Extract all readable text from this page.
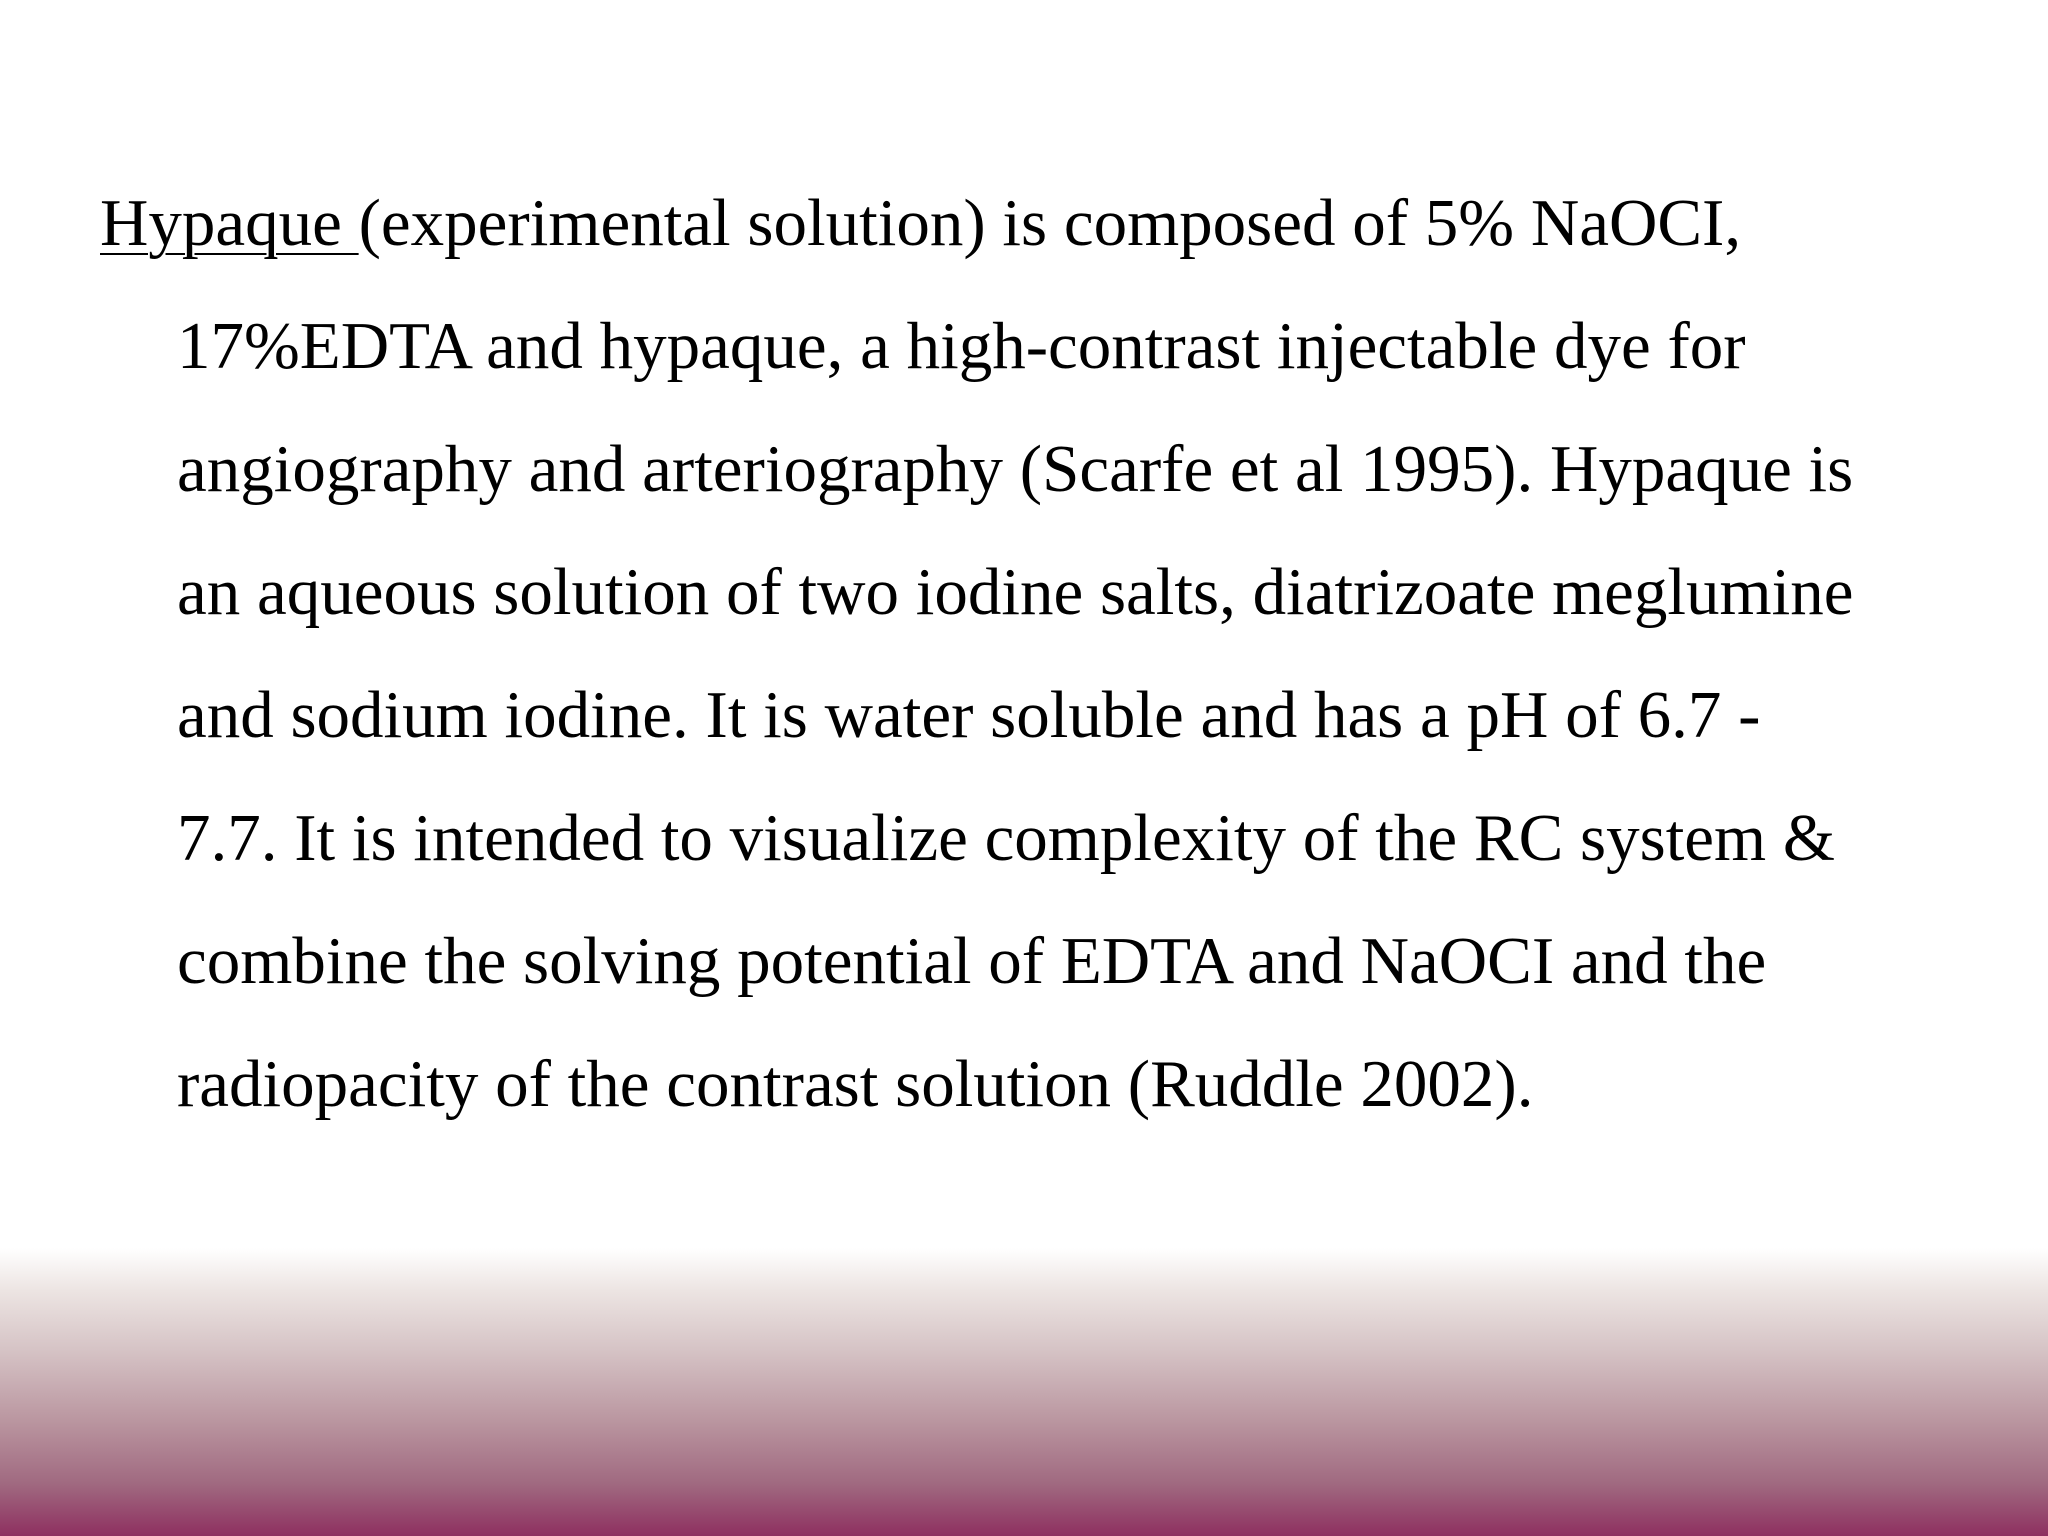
Hypaque (experimental solution) is composed of 5% NaOCI,
17%EDTA and hypaque, a high-contrast injectable dye for
angiography and arteriography (Scarfe et al 1995). Hypaque is
an aqueous solution of two iodine salts, diatrizoate meglumine
and sodium iodine. It is water soluble and has a pH of 6.7 -
7.7. It is intended to visualize complexity of the RC system &
combine the solving potential of EDTA and NaOCI and the
radiopacity of the contrast solution (Ruddle 2002).
